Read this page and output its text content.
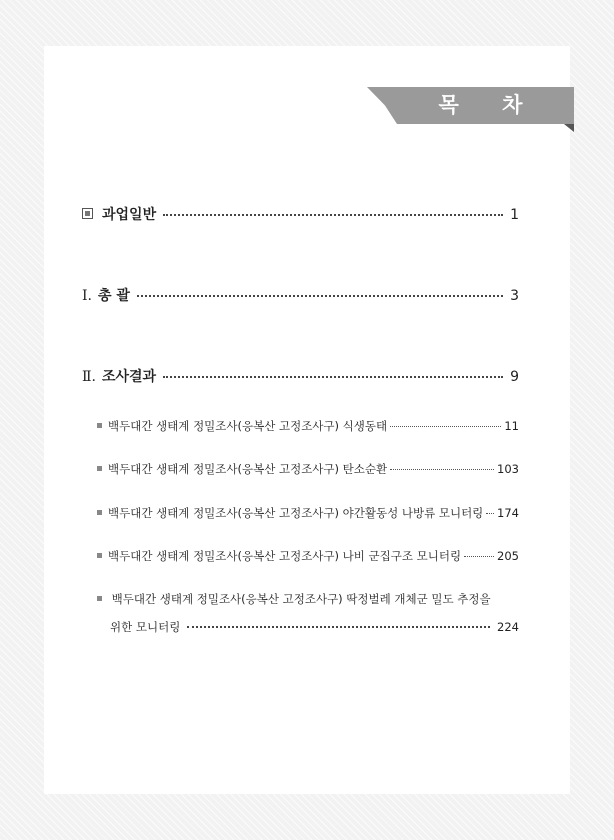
목 차
과업일반	1
Ⅰ. 총 괄	3
Ⅱ. 조사결과	9
백두대간 생태계 정밀조사(응복산 고정조사구) 식생동태	11
백두대간 생태계 정밀조사(응복산 고정조사구) 탄소순환	103
백두대간 생태계 정밀조사(응복산 고정조사구) 야간활동성 나방류 모니터링 174
백두대간 생태계 정밀조사(응복산 고정조사구) 나비 군집구조 모니터링	205
백두대간 생태계 정밀조사(응복산 고정조사구) 딱정벌레 개체군 밀도 추정을
위한 모니터링	224
